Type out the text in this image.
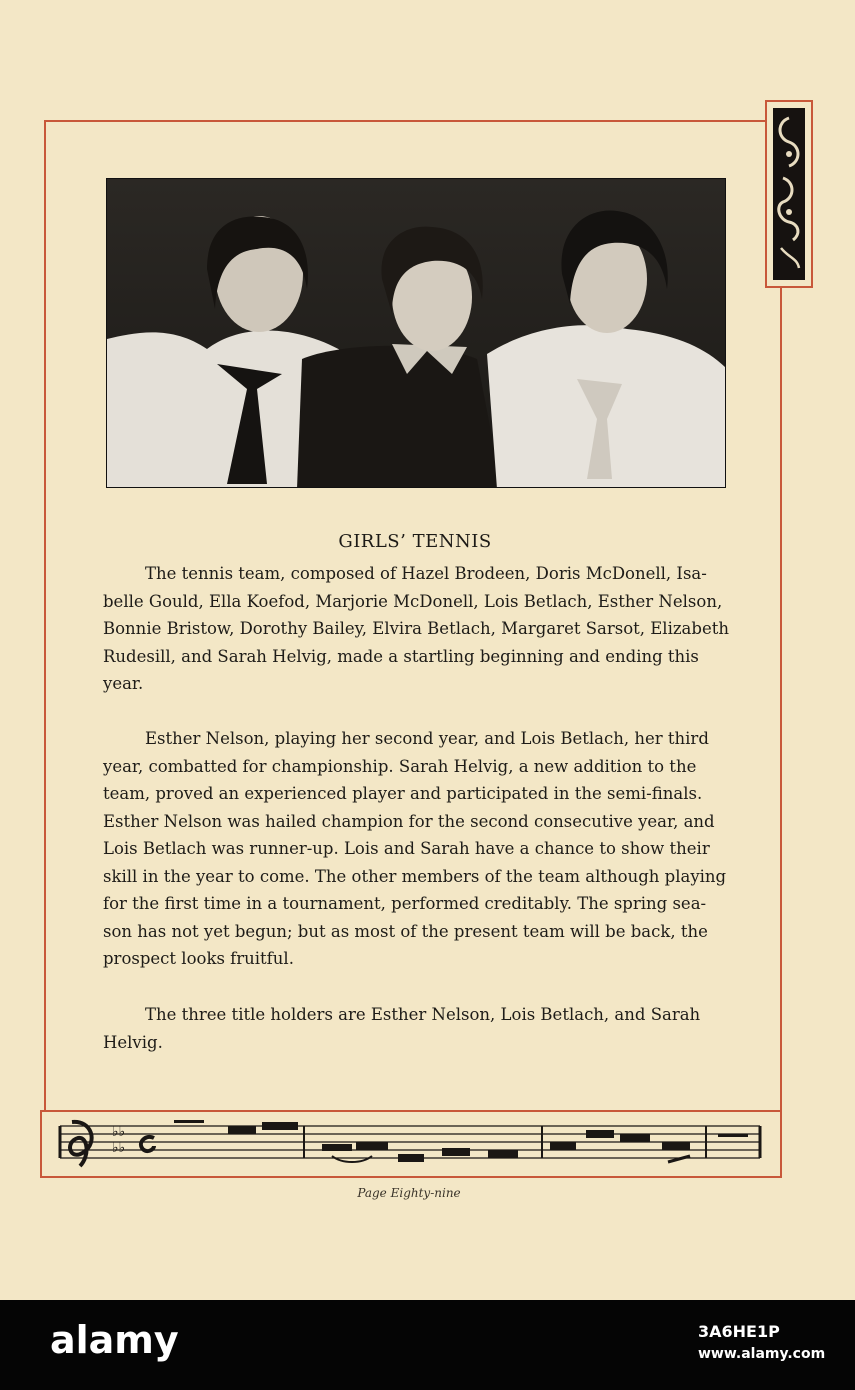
GIRLS’ TENNIS
The tennis team, composed of Hazel Brodeen, Doris McDonell, Isa-
belle Gould, Ella Koefod, Marjorie McDonell, Lois Betlach, Esther Nelson,
Bonnie Bristow, Dorothy Bailey, Elvira Betlach, Margaret Sarsot, Elizabeth
Rudesill, and Sarah Helvig, made a startling beginning and ending this
year.
Esther Nelson, playing her second year, and Lois Betlach, her third
year, combatted for championship. Sarah Helvig, a new addition to the
team, proved an experienced player and participated in the semi-finals.
Esther Nelson was hailed champion for the second consecutive year, and
Lois Betlach was runner-up. Lois and Sarah have a chance to show their
skill in the year to come. The other members of the team although playing
for the first time in a tournament, performed creditably. The spring sea-
son has not yet begun; but as most of the present team will be back, the
prospect looks fruitful.
The three title holders are Esther Nelson, Lois Betlach, and Sarah
Helvig.
♭♭
♭♭
Page Eighty-nine
alamy	3A6HE1P
www.alamy.com
